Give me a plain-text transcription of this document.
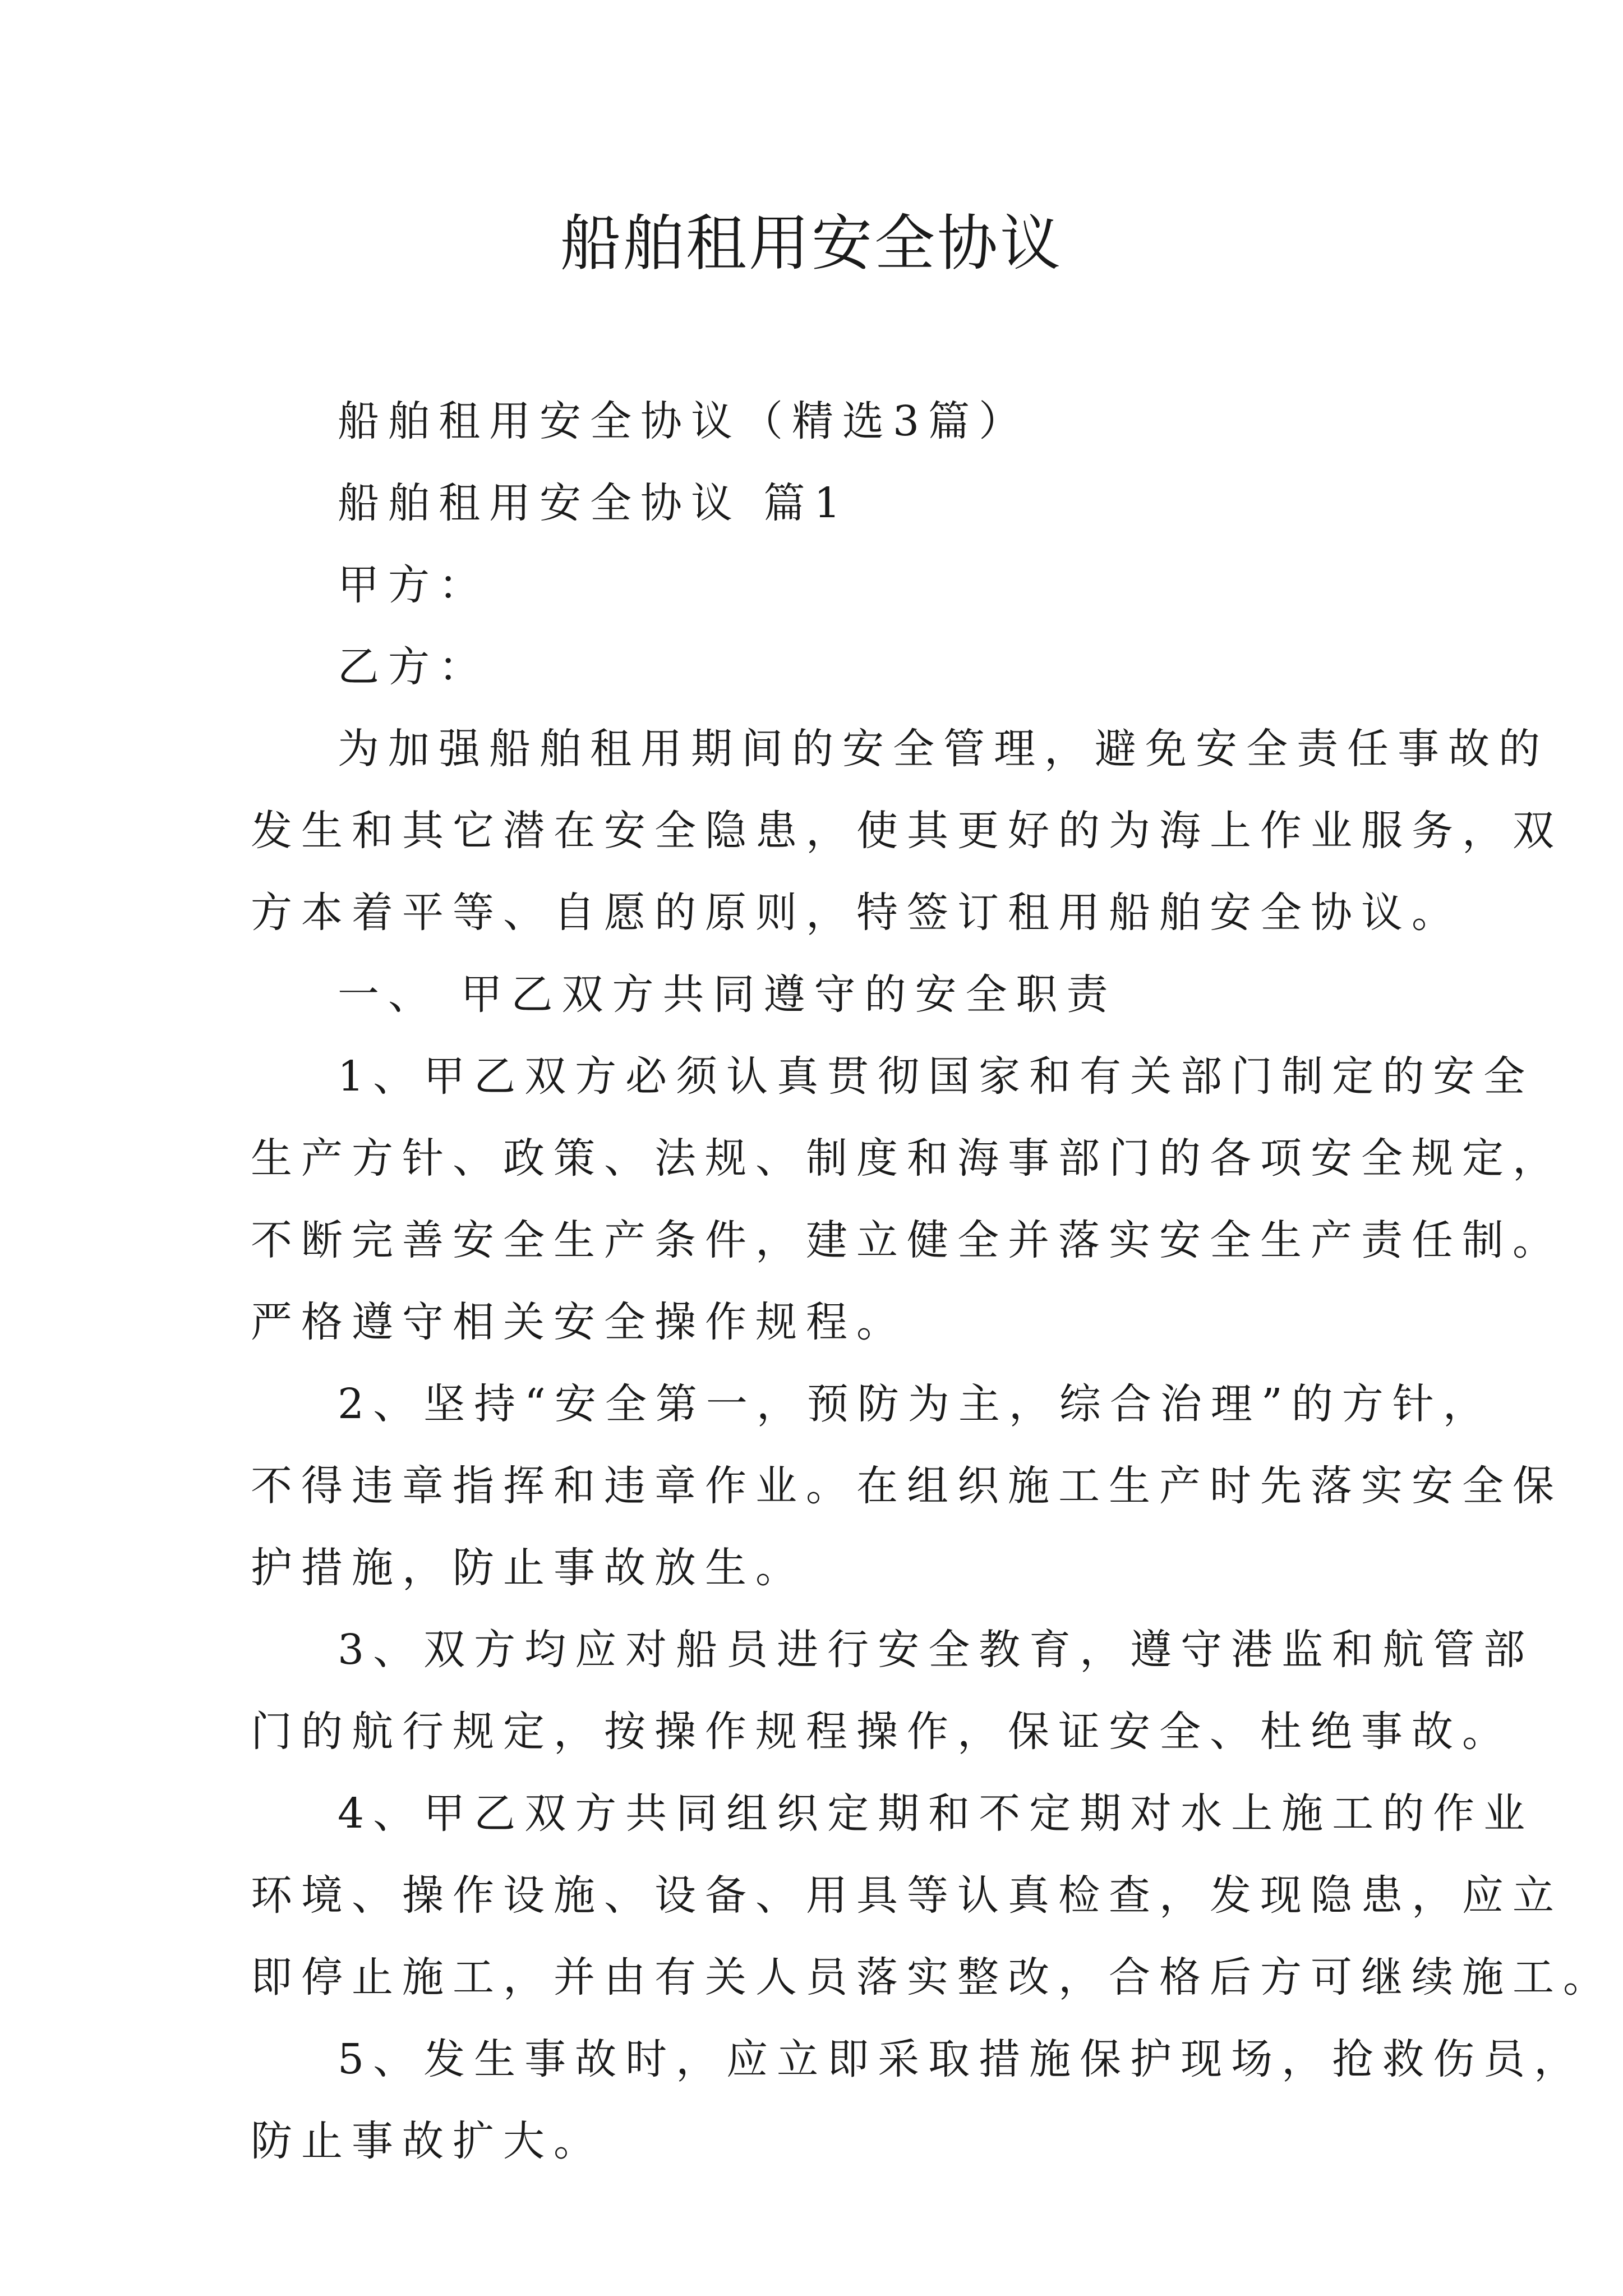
船舶租用安全协议
船舶租用安全协议（精选3篇）
船舶租用安全协议 篇1
甲方：
乙方：
为加强船舶租用期间的安全管理，避免安全责任事故的
发生和其它潜在安全隐患，使其更好的为海上作业服务，双
方本着平等、自愿的原则，特签订租用船舶安全协议。
一、 甲乙双方共同遵守的安全职责
1、甲乙双方必须认真贯彻国家和有关部门制定的安全
生产方针、政策、法规、制度和海事部门的各项安全规定，
不断完善安全生产条件，建立健全并落实安全生产责任制。
严格遵守相关安全操作规程。
2、坚持“安全第一，预防为主，综合治理”的方针，
不得违章指挥和违章作业。在组织施工生产时先落实安全保
护措施，防止事故放生。
3、双方均应对船员进行安全教育，遵守港监和航管部
门的航行规定，按操作规程操作，保证安全、杜绝事故。
4、甲乙双方共同组织定期和不定期对水上施工的作业
环境、操作设施、设备、用具等认真检查，发现隐患，应立
即停止施工，并由有关人员落实整改，合格后方可继续施工。
5、发生事故时，应立即采取措施保护现场，抢救伤员，
防止事故扩大。
